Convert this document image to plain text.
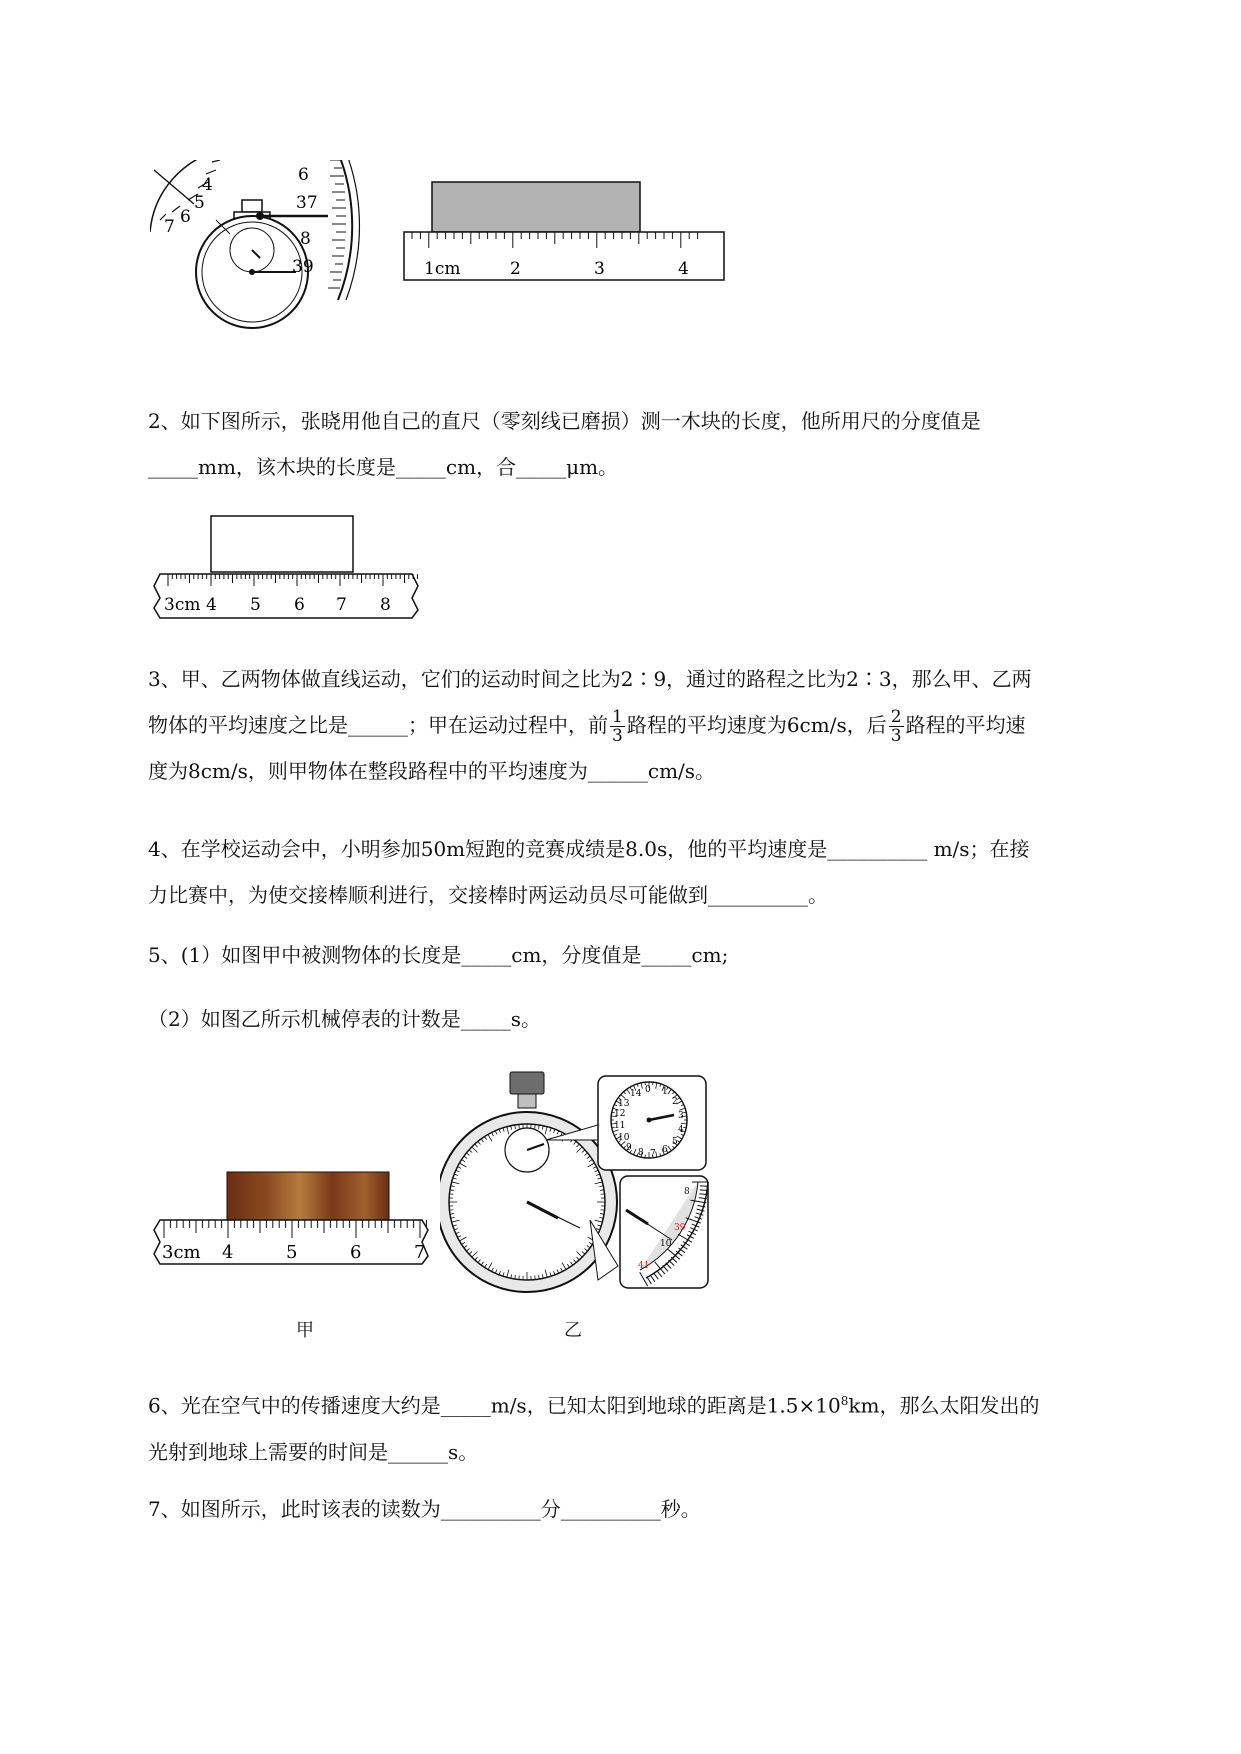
4
5
6
7
6
37
8
39	1cm	2	3	4
2、如下图所示，张晓用他自己的直尺（零刻线已磨损）测一木块的长度，他所用尺的分度值是
_____mm，该木块的长度是_____cm，合_____μm。
3cm 4 5 6 7 8
3、甲、乙两物体做直线运动，它们的运动时间之比为2∶9，通过的路程之比为2∶3，那么甲、乙两
物体的平均速度之比是______；甲在运动过程中，前 $\frac{1}{3}$ 路程的平均速度为6cm/s，后 $\frac{2}{3}$ 路程的平均速
度为8cm/s，则甲物体在整段路程中的平均速度为______cm/s。
4、在学校运动会中，小明参加50m短跑的竞赛成绩是8.0s，他的平均速度是__________ m/s；在接
力比赛中，为使交接棒顺利进行，交接棒时两运动员尽可能做到__________。
5、(1）如图甲中被测物体的长度是_____cm，分度值是_____cm;
（2）如图乙所示机械停表的计数是_____s。
3cm 4	5	6	7
14 0 1
2
13
3
12
11	4
10	5
9 8 7 6
8
39
10
41
甲	乙
6、光在空气中的传播速度大约是_____m/s，已知太阳到地球的距离是$1.5\times 10^8km$，那么太阳发出的
光射到地球上需要的时间是______s。
7、如图所示，此时该表的读数为__________分__________秒。
